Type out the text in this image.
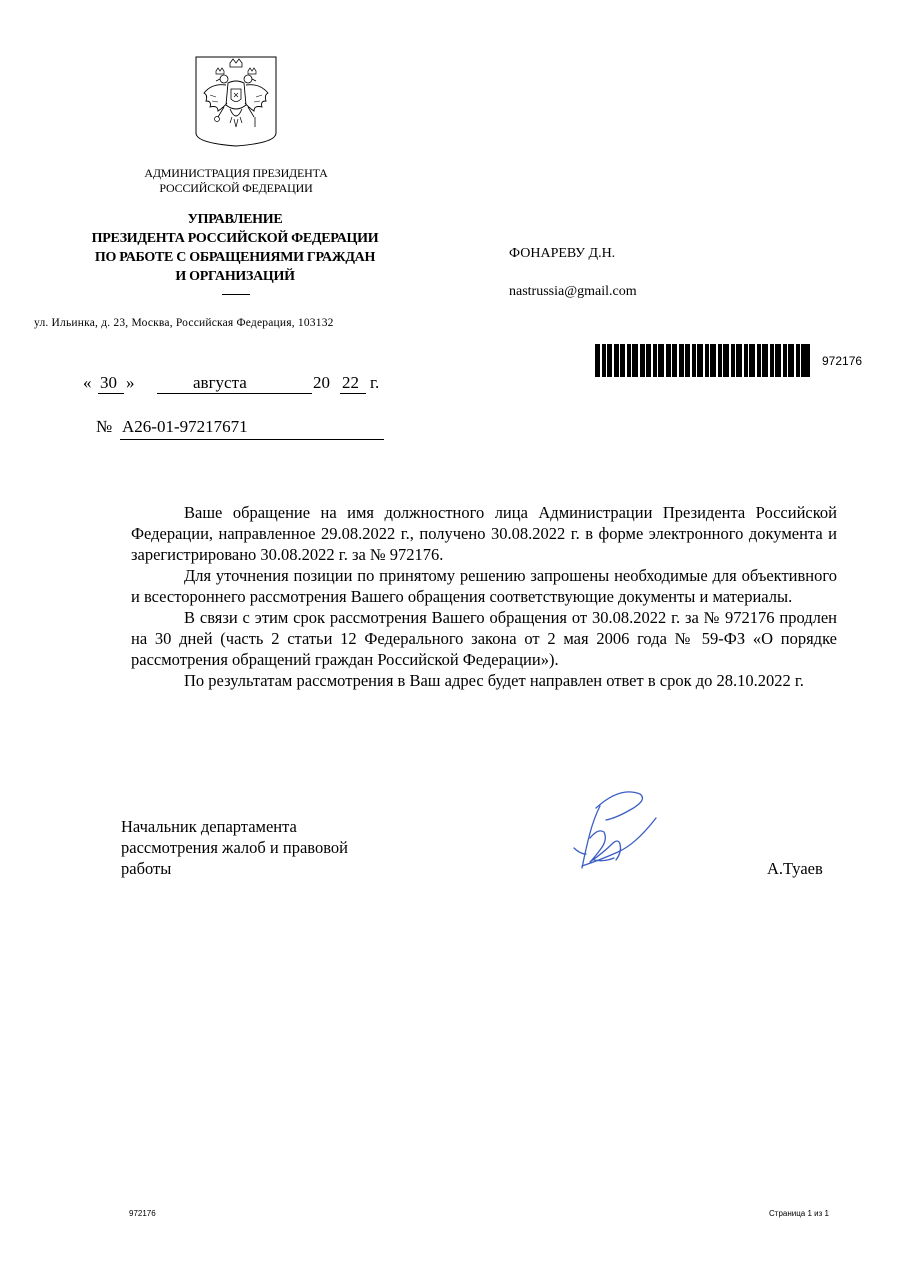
АДМИНИСТРАЦИЯ ПРЕЗИДЕНТА
РОССИЙСКОЙ ФЕДЕРАЦИИ
УПРАВЛЕНИЕ
ПРЕЗИДЕНТА РОССИЙСКОЙ ФЕДЕРАЦИИ
ПО РАБОТЕ С ОБРАЩЕНИЯМИ ГРАЖДАН
И ОРГАНИЗАЦИЙ
ул. Ильинка, д. 23, Москва, Российская Федерация, 103132
ФОНАРЕВУ Д.Н.
nastrussia@gmail.com
972176
« 30 »	августа	20 22 г.
№ А26-01-97217671

Ваше обращение на имя должностного лица Администрации Президента Российской Федерации, направленное 29.08.2022 г., получено 30.08.2022 г. в форме электронного документа и зарегистрировано 30.08.2022 г. за № 972176.

Для уточнения позиции по принятому решению запрошены необходимые для объективного и всестороннего рассмотрения Вашего обращения соответствующие документы и материалы.

В связи с этим срок рассмотрения Вашего обращения от 30.08.2022 г. за № 972176 продлен на 30 дней (часть 2 статьи 12 Федерального закона от 2 мая 2006 года № 59-ФЗ «О порядке рассмотрения обращений граждан Российской Федерации»).

По результатам рассмотрения в Ваш адрес будет направлен ответ в срок до 28.10.2022 г.

Начальник департамента
рассмотрения жалоб и правовой
работы	А.Туаев
972176	Страница 1 из 1
